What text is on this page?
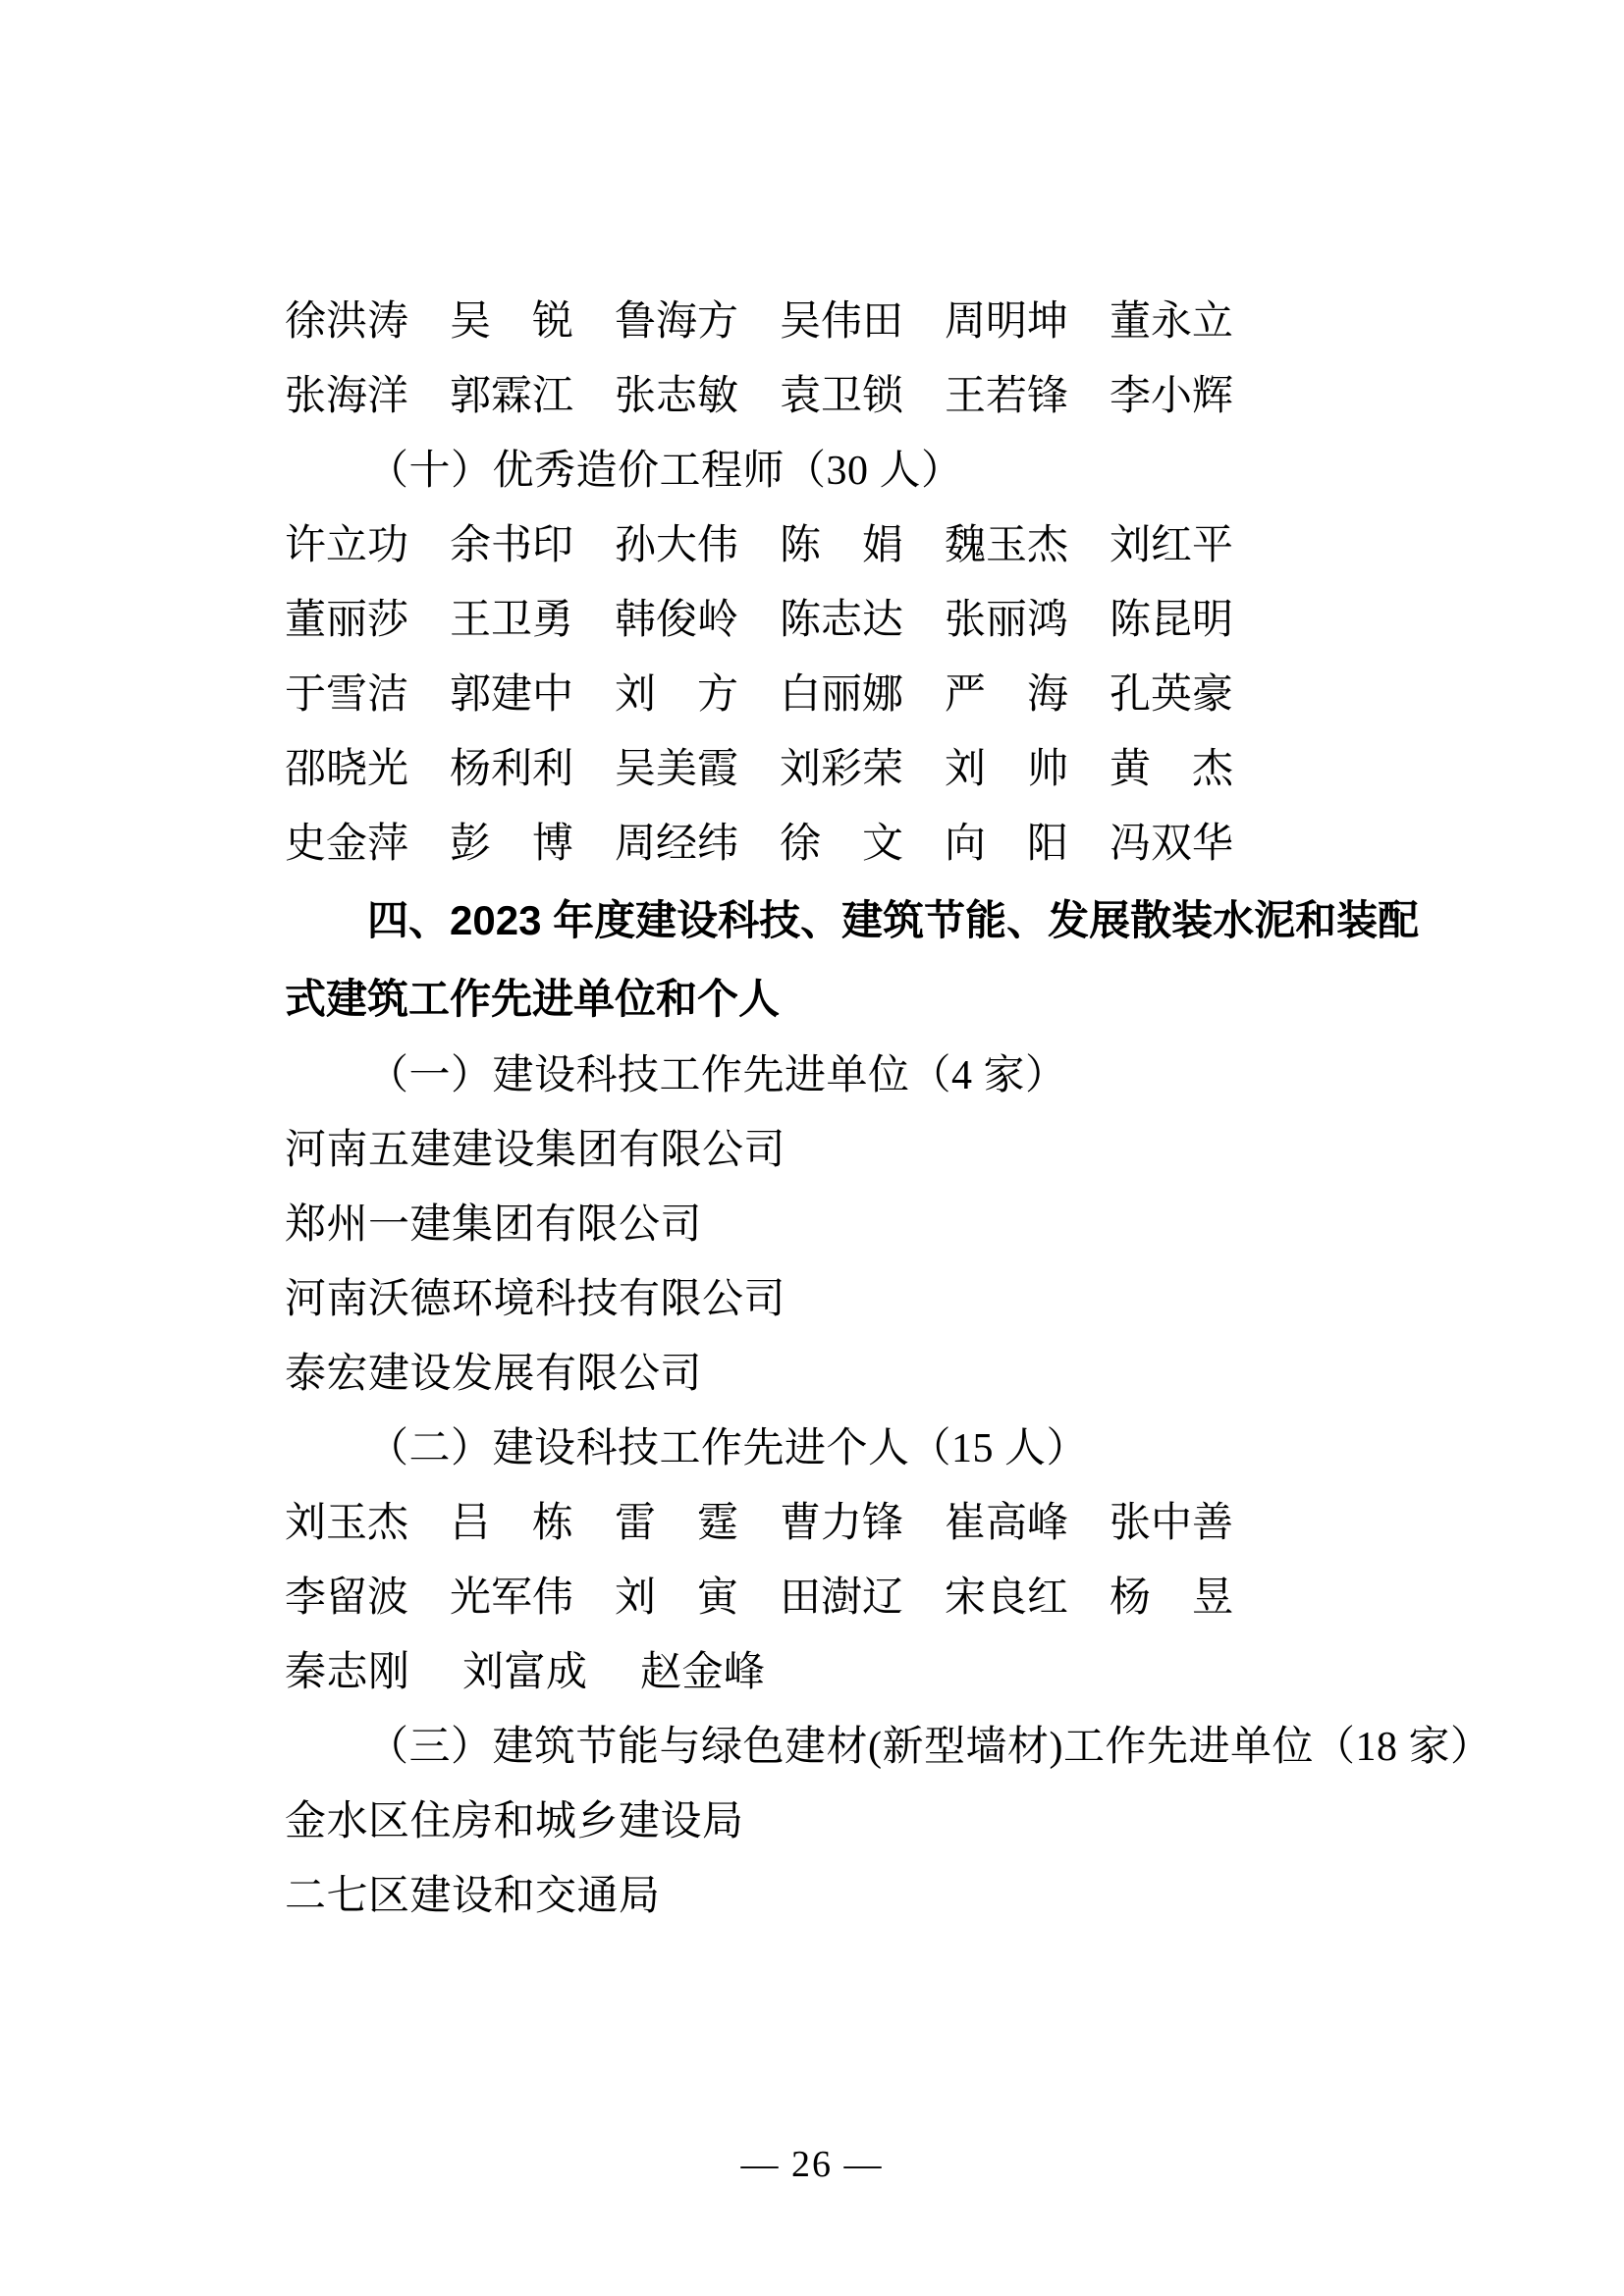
徐洪涛 吴　锐 鲁海方 吴伟田 周明坤 董永立
张海洋 郭霖江 张志敏 袁卫锁 王若锋 李小辉
（十）优秀造价工程师（30 人）
许立功 余书印 孙大伟 陈　娟 魏玉杰 刘红平
董丽莎 王卫勇 韩俊岭 陈志达 张丽鸿 陈昆明
于雪洁 郭建中 刘　方 白丽娜 严　海 孔英豪
邵晓光 杨利利 吴美霞 刘彩荣 刘　帅 黄　杰
史金萍 彭　博 周经纬 徐　文 向　阳 冯双华
四、2023 年度建设科技、建筑节能、发展散装水泥和装配
式建筑工作先进单位和个人
（一）建设科技工作先进单位（4 家）
河南五建建设集团有限公司
郑州一建集团有限公司
河南沃德环境科技有限公司
泰宏建设发展有限公司
（二）建设科技工作先进个人（15 人）
刘玉杰 吕　栋 雷　霆 曹力锋 崔高峰 张中善
李留波 光军伟 刘　寅 田澍辽 宋良红 杨　昱
秦志刚　 刘富成　 赵金峰
（三）建筑节能与绿色建材(新型墙材)工作先进单位（18 家）
金水区住房和城乡建设局
二七区建设和交通局
— 26 —
